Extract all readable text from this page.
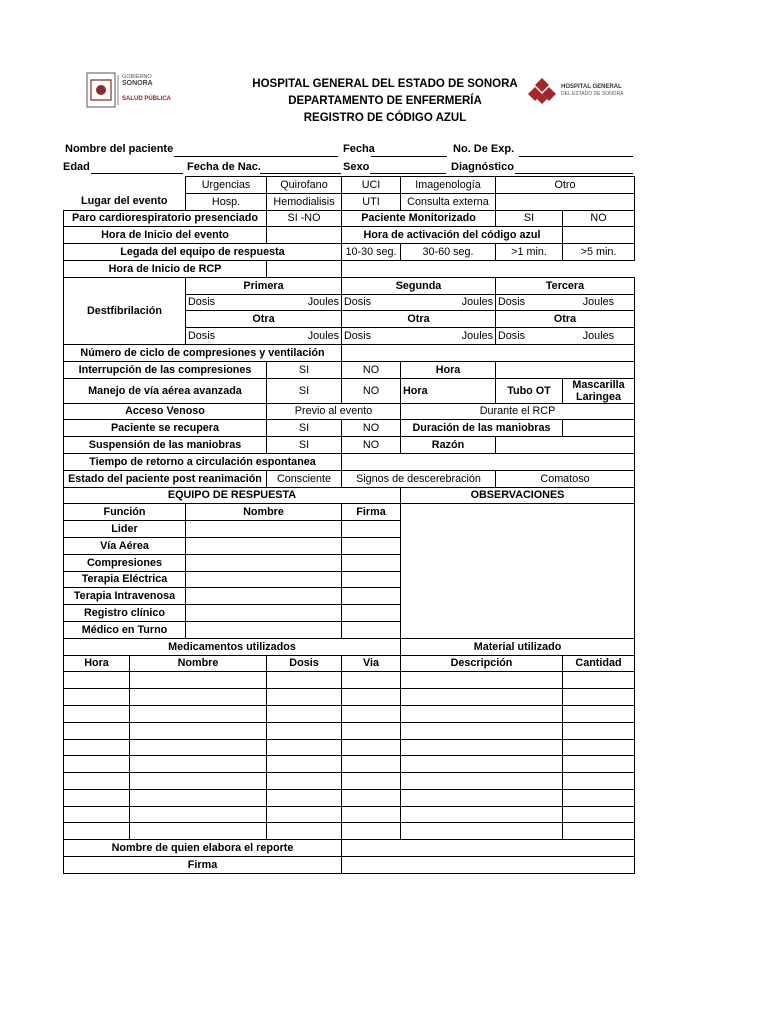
GOBIERNO
SONORA
SALUD PÚBLICA
HOSPITAL GENERAL
DEL ESTADO DE SONORA
HOSPITAL GENERAL DEL ESTADO DE SONORA
DEPARTAMENTO DE ENFERMERÍA
REGISTRO DE CÓDIGO AZUL
Nombre del paciente	Fecha	No. De Exp.
Edad	Fecha de Nac.	Sexo	Diagnóstico
		Urgencias	Quirofano	UCI	Imagenología	Otro	
Lugar del evento		Hosp.	Hemodialisis	UTI	Consulta externa		
Paro cardiorespiratorio presenciado			SI -NO	Paciente Monitorizado		SI	NO
Hora de Inicio del evento				Hora de activación del código azul			
Legada del equipo de respuesta				10-30 seg.	30-60 seg.	>1 min.	>5 min.
Hora de Inicio de RCP							
Destfibrilación		Primera		Segunda		Tercera	

		Dosis Joules		Dosis Joules		Dosis Joules	

		Otra		Otra		Otra	

		Dosis Joules		Dosis Joules		Dosis Joules	

Número de ciclo de compresiones y ventilación							
Interrupción de las compresiones			SI	NO	Hora		
Manejo de vía aérea avanzada			SI	NO	Hora	Tubo OT	Mascarilla Laringea
Acceso Venoso			Previo al evento		Durante el RCP		
Paciente se recupera			SI	NO	Duración de las maniobras		
Suspensión de las maniobras			SI	NO	Razón		
Tiempo de retorno a circulación espontanea							
Estado del paciente post reanimación			Consciente	Signos de descerebración		Comatoso	
EQUIPO DE RESPUESTA					OBSERVACIONES		
Función		Nombre		Firma			
Lider							
Vía Aérea							
Compresiones							
Terapia Eléctrica							
Terapia Intravenosa							
Registro clínico							
Médico en Turno							
Medicamentos utilizados					Material utilizado		
Hora	Nombre		Dosis	Via	Descripción		Cantidad

Nombre de quien elabora el reporte							
Firma							
